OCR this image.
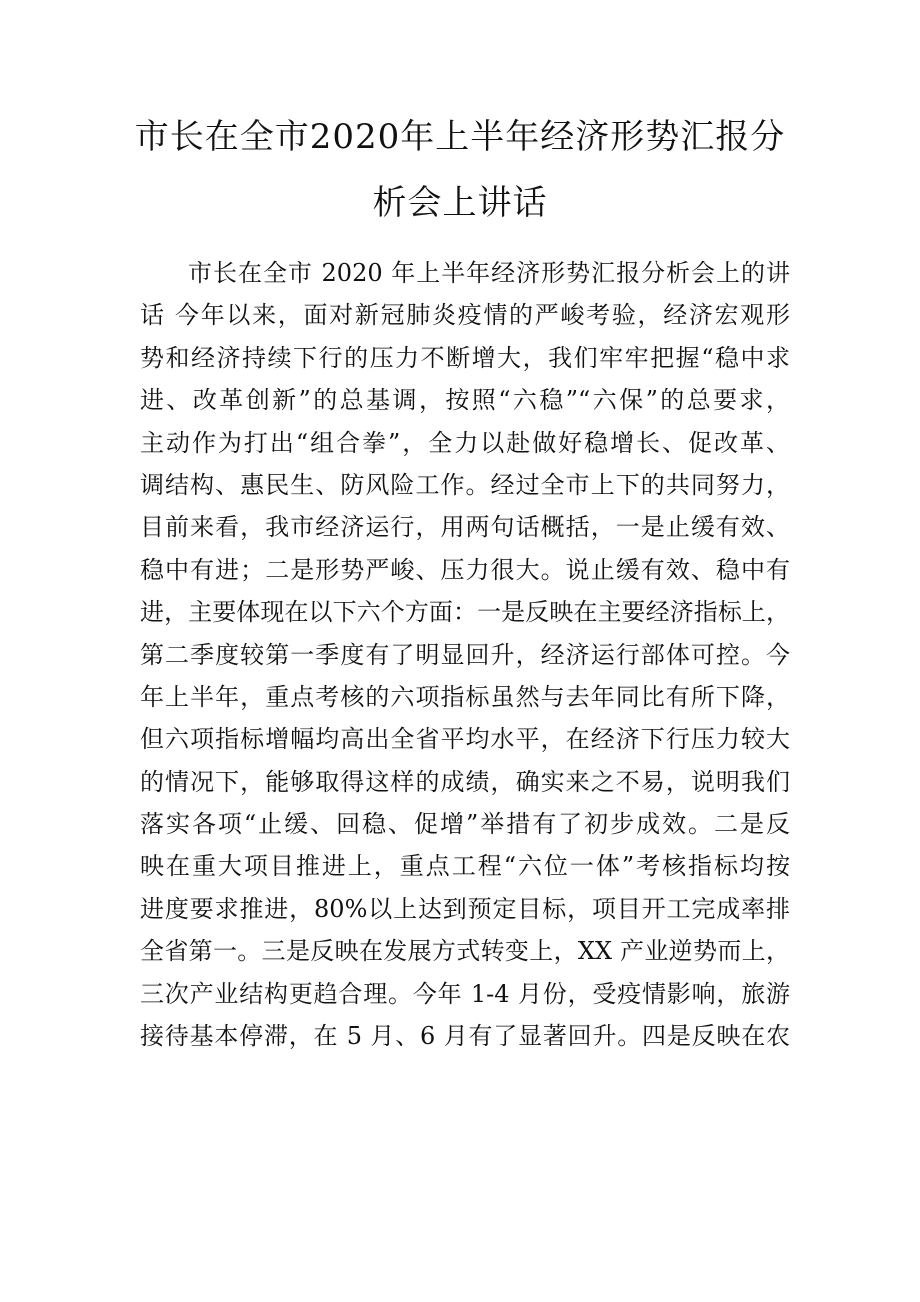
市长在全市2020年上半年经济形势汇报分
析会上讲话
市长在全市 2020 年上半年经济形势汇报分析会上的讲
话 今年以来，面对新冠肺炎疫情的严峻考验，经济宏观形
势和经济持续下行的压力不断增大，我们牢牢把握“稳中求
进、改革创新”的总基调，按照“六稳”“六保”的总要求，
主动作为打出“组合拳”，全力以赴做好稳增长、促改革、
调结构、惠民生、防风险工作。经过全市上下的共同努力，
目前来看，我市经济运行，用两句话概括，一是止缓有效、
稳中有进；二是形势严峻、压力很大。说止缓有效、稳中有
进，主要体现在以下六个方面：一是反映在主要经济指标上，
第二季度较第一季度有了明显回升，经济运行部体可控。今
年上半年，重点考核的六项指标虽然与去年同比有所下降，
但六项指标增幅均高出全省平均水平，在经济下行压力较大
的情况下，能够取得这样的成绩，确实来之不易，说明我们
落实各项“止缓、回稳、促增”举措有了初步成效。二是反
映在重大项目推进上，重点工程“六位一体”考核指标均按
进度要求推进，80%以上达到预定目标，项目开工完成率排
全省第一。三是反映在发展方式转变上，XX 产业逆势而上，
三次产业结构更趋合理。今年 1-4 月份，受疫情影响，旅游
接待基本停滞，在 5 月、6 月有了显著回升。四是反映在农
